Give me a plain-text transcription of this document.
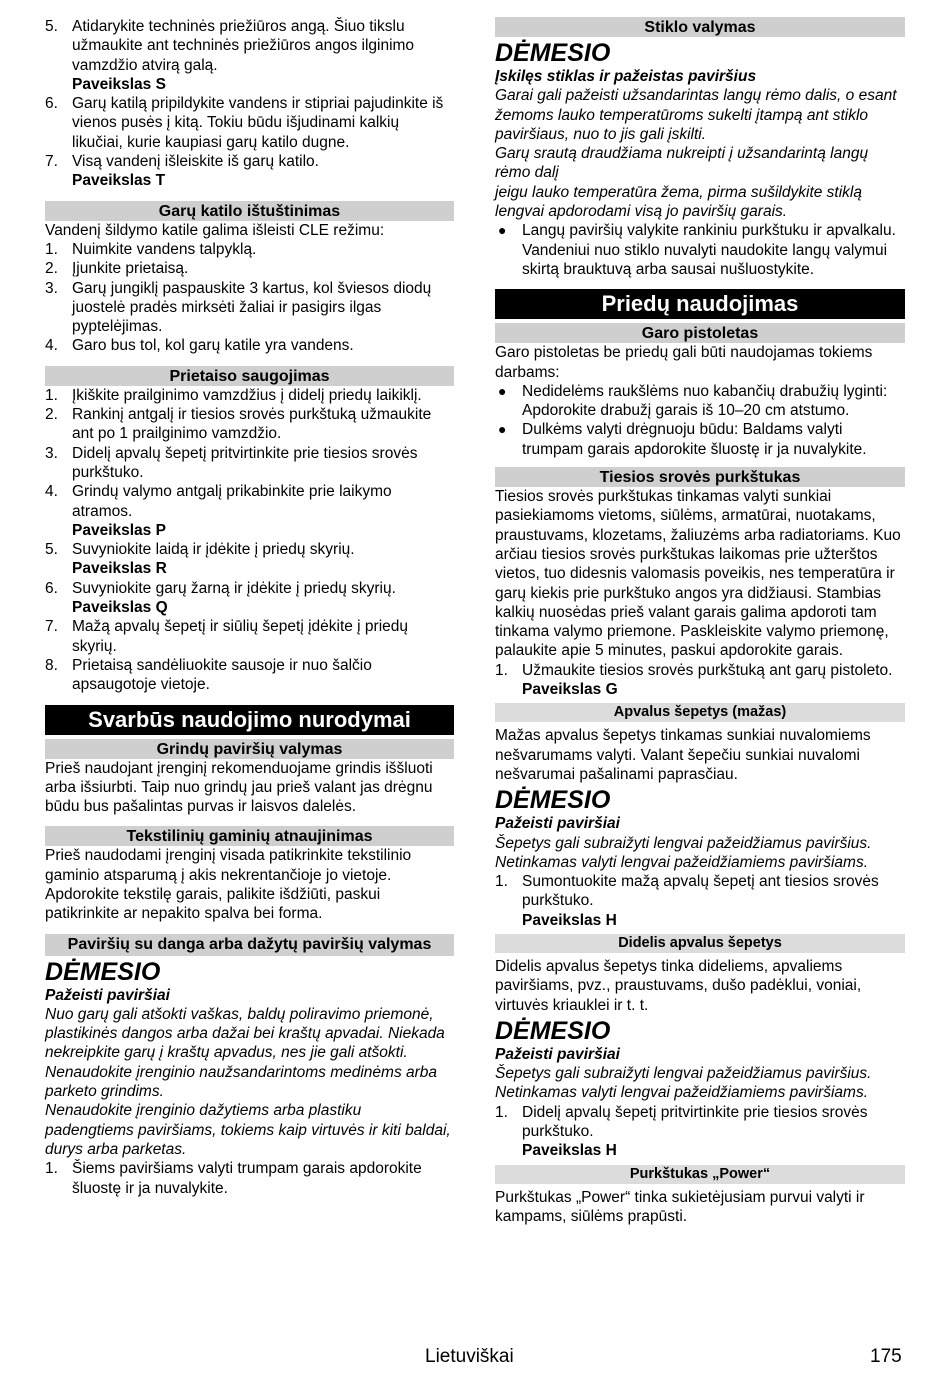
5. Atidarykite techninės priežiūros angą. Šiuo tikslu užmaukite ant techninės priežiūros angos ilginimo vamzdžio atvirą galą.
Paveikslas S
6. Garų katilą pripildykite vandens ir stipriai pajudinkite iš vienos pusės į kitą. Tokiu būdu išjudinami kalkių likučiai, kurie kaupiasi garų katilo dugne.
7. Visą vandenį išleiskite iš garų katilo.
Paveikslas T
Garų katilo ištuštinimas

Vandenį šildymo katile galima išleisti CLE režimu:

1. Nuimkite vandens talpyklą.
2. Įjunkite prietaisą.
3. Garų jungiklį paspauskite 3 kartus, kol šviesos diodų juostelė pradės mirksėti žaliai ir pasigirs ilgas pyptelėjimas.
4. Garo bus tol, kol garų katile yra vandens.
Prietaiso saugojimas
1. Įkiškite prailginimo vamzdžius į didelį priedų laikiklį.
2. Rankinį antgalį ir tiesios srovės purkštuką užmaukite ant po 1 prailginimo vamzdžio.
3. Didelį apvalų šepetį pritvirtinkite prie tiesios srovės purkštuko.
4. Grindų valymo antgalį prikabinkite prie laikymo atramos.
Paveikslas P
5. Suvyniokite laidą ir įdėkite į priedų skyrių.
Paveikslas R
6. Suvyniokite garų žarną ir įdėkite į priedų skyrių.
Paveikslas Q
7. Mažą apvalų šepetį ir siūlių šepetį įdėkite į priedų skyrių.
8. Prietaisą sandėliuokite sausoje ir nuo šalčio apsaugotoje vietoje.
Svarbūs naudojimo nurodymai
Grindų paviršių valymas

Prieš naudojant įrenginį rekomenduojame grindis iššluoti arba išsiurbti. Taip nuo grindų jau prieš valant jas drėgnu būdu bus pašalintas purvas ir laisvos dalelės.

Tekstilinių gaminių atnaujinimas

Prieš naudodami įrenginį visada patikrinkite tekstilinio gaminio atsparumą į akis nekrentančioje jo vietoje. Apdorokite tekstilę garais, palikite išdžiūti, paskui patikrinkite ar nepakito spalva bei forma.

Paviršių su danga arba dažytų paviršių valymas
DĖMESIO
Pažeisti paviršiai

Nuo garų gali atšokti vaškas, baldų poliravimo priemonė, plastikinės dangos arba dažai bei kraštų apvadai. Niekada nekreipkite garų į kraštų apvadus, nes jie gali atšokti.

Nenaudokite įrenginio naužsandarintoms medinėms arba parketo grindims.

Nenaudokite įrenginio dažytiems arba plastiku padengtiems paviršiams, tokiems kaip virtuvės ir kiti baldai, durys arba parketas.

1. Šiems paviršiams valyti trumpam garais apdorokite šluostę ir ja nuvalykite.
Stiklo valymas
DĖMESIO
Įskilęs stiklas ir pažeistas paviršius

Garai gali pažeisti užsandarintas langų rėmo dalis, o esant žemoms lauko temperatūroms sukelti įtampą ant stiklo paviršiaus, nuo to jis gali įskilti.

Garų srautą draudžiama nukreipti į užsandarintą langų rėmo dalį

jeigu lauko temperatūra žema, pirma sušildykite stiklą lengvai apdorodami visą jo paviršių garais.

● Langų paviršių valykite rankiniu purkštuku ir apvalkalu. Vandeniui nuo stiklo nuvalyti naudokite langų valymui skirtą brauktuvą arba sausai nušluostykite.
Priedų naudojimas
Garo pistoletas

Garo pistoletas be priedų gali būti naudojamas tokiems darbams:

● Nedidelėms raukšlėms nuo kabančių drabužių lyginti: Apdorokite drabužį garais iš 10–20 cm atstumo.
● Dulkėms valyti drėgnuoju būdu: Baldams valyti trumpam garais apdorokite šluostę ir ja nuvalykite.
Tiesios srovės purkštukas

Tiesios srovės purkštukas tinkamas valyti sunkiai pasiekiamoms vietoms, siūlėms, armatūrai, nuotakams, praustuvams, klozetams, žaliuzėms arba radiatoriams. Kuo arčiau tiesios srovės purkštukas laikomas prie užterštos vietos, tuo didesnis valomasis poveikis, nes temperatūra ir garų kiekis prie purkštuko angos yra didžiausi. Stambias kalkių nuosėdas prieš valant garais galima apdoroti tam tinkama valymo priemone. Paskleiskite valymo priemonę, palaukite apie 5 minutes, paskui apdorokite garais.

1. Užmaukite tiesios srovės purkštuką ant garų pistoleto.
Paveikslas G
Apvalus šepetys (mažas)

Mažas apvalus šepetys tinkamas sunkiai nuvalomiems nešvarumams valyti. Valant šepečiu sunkiai nuvalomi nešvarumai pašalinami paprasčiau.

DĖMESIO
Pažeisti paviršiai

Šepetys gali subraižyti lengvai pažeidžiamus paviršius. Netinkamas valyti lengvai pažeidžiamiems paviršiams.

1. Sumontuokite mažą apvalų šepetį ant tiesios srovės purkštuko.
Paveikslas H
Didelis apvalus šepetys

Didelis apvalus šepetys tinka dideliems, apvaliems paviršiams, pvz., praustuvams, dušo padėklui, voniai, virtuvės kriauklei ir t. t.

DĖMESIO
Pažeisti paviršiai

Šepetys gali subraižyti lengvai pažeidžiamus paviršius. Netinkamas valyti lengvai pažeidžiamiems paviršiams.

1. Didelį apvalų šepetį pritvirtinkite prie tiesios srovės purkštuko.
Paveikslas H
Purkštukas „Power“

Purkštukas „Power“ tinka sukietėjusiam purvui valyti ir kampams, siūlėms prapūsti.

Lietuviškai	175
